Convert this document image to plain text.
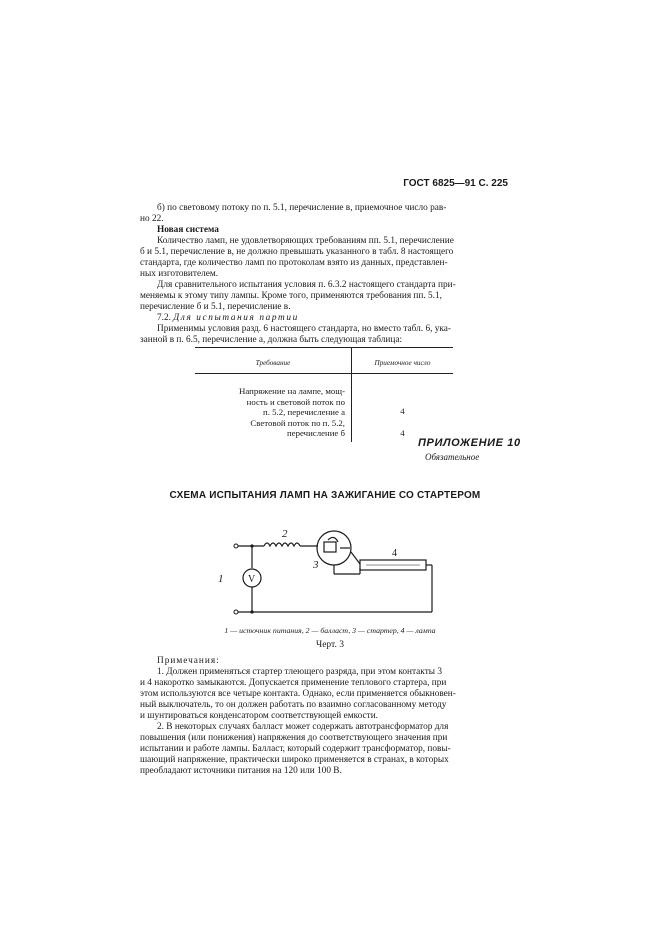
ГОСТ 6825—91 С. 225
б) по световому потоку по п. 5.1, перечисление в, приемочное число рав-
но 22.
Новая система
Количество ламп, не удовлетворяющих требованиям пп. 5.1, перечисление
б и 5.1, перечисление в, не должно превышать указанного в табл. 8 настоящего
стандарта, где количество ламп по протоколам взято из данных, представлен-
ных изготовителем.
Для сравнительного испытания условия п. 6.3.2 настоящего стандарта при-
меняемы к этому типу лампы. Кроме того, применяются требования пп. 5.1,
перечисление б и 5.1, перечисление в.
7.2. Для испытания партии
Применимы условия разд. 6 настоящего стандарта, но вместо табл. 6, ука-
занной в п. 6.5, перечисление а, должна быть следующая таблица:
Требование	Приемочное число
Напряжение на лампе, мощ-
ность и световой поток по
п. 5.2, перечисление а	4
Световой поток по п. 5.2,
перечисление б	4
ПРИЛОЖЕНИЕ 10
Обязательное
СХЕМА ИСПЫТАНИЯ ЛАМП НА ЗАЖИГАНИЕ СО СТАРТЕРОМ
V
1
2
3
4
1 — источник питания, 2 — балласт, 3 — стартер, 4 — лампа
Черт. 3
Примечания:
1. Должен применяться стартер тлеющего разряда, при этом контакты 3
и 4 накоротко замыкаются. Допускается применение теплового стартера, при
этом используются все четыре контакта. Однако, если применяется обыкновен-
ный выключатель, то он должен работать по взаимно согласованному методу
и шунтироваться конденсатором соответствующей емкости.
2. В некоторых случаях балласт может содержать автотрансформатор для
повышения (или понижения) напряжения до соответствующего значения при
испытании и работе лампы. Балласт, который содержит трансформатор, повы-
шающий напряжение, практически широко применяется в странах, в которых
преобладают источники питания на 120 или 100 В.
